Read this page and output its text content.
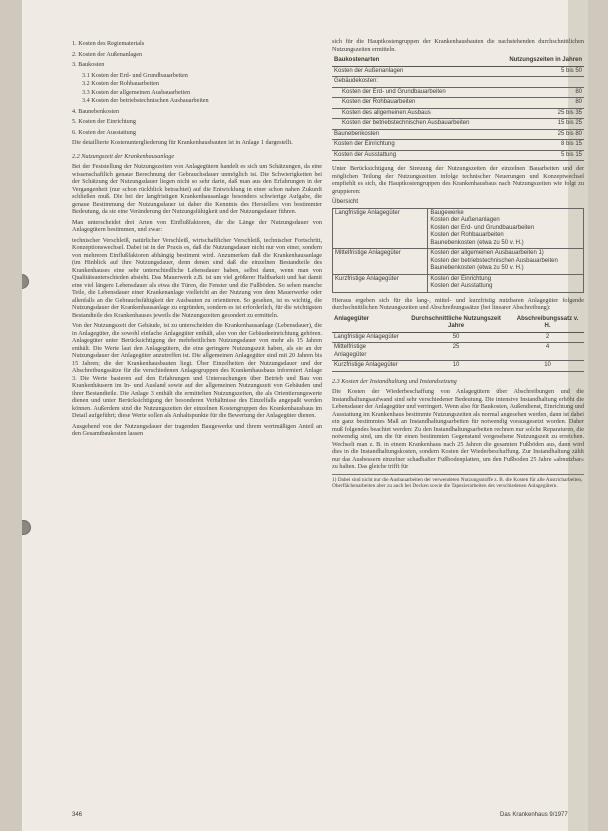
1. Kosten des Regiematerials
2. Kosten der Außenanlagen
3. Baukosten
3.1 Kosten der Erd- und Grundbauarbeiten
3.2 Kosten der Rohbauarbeiten
3.3 Kosten der allgemeinen Ausbauarbeiten
3.4 Kosten der betriebstechnischen Ausbauarbeiten
4. Baunebenkosten
5. Kosten der Einrichtung
6. Kosten der Ausstattung

Die detaillierte Kostenuntergliederung für Krankenhausbauten ist in Anlage 1 dargestellt.

2.2 Nutzungszeit der Krankenhausanlage

Bei der Feststellung der Nutzungszeiten von Anlagegütern handelt es sich um Schätzungen, da eine wissenschaftlich genaue Berechnung der Gebrauchsdauer unmöglich ist. Die Schwierigkeiten bei der Schätzung der Nutzungsdauer liegen nicht so sehr darin, daß man aus den Erfahrungen in der Vergangenheit (nur schon rückblick betrachtet) auf die Entwicklung in einer schon nahen Zukunft schließen muß. Die bei der langfristigen Krankenhausanlage besonders schwierige Aufgabe, die genaue Bestimmung der Nutzungsdauer ist daher die Kenntnis des Herstellers von bestimmter Bedeutung, da sie eine Veränderung der Nutzungsfähigkeit und der Nutzungsdauer führen.

Man unterscheidet drei Arten von Einflußfaktoren, die die Länge der Nutzungsdauer von Anlagegütern bestimmen, und zwar:

technischer Verschleiß, natürlicher Verschleiß, wirtschaftlicher Verschleiß, technischer Fortschritt, Konzeptionswechsel. Dabei ist in der Praxis es, daß die Nutzungsdauer nicht nur von einer, sondern von mehreren Einflußfaktoren abhängig bestimmt wird. Anzumerken daß die Krankenhausanlage (im Hinblick auf ihre Nutzungsdauer, denn denen sind daß die einzelnen Bestandteile des Krankenhauses eine sehr unterschiedliche Lebensdauer haben, selbst dann, wenn man von Qualitätsunterschieden absieht. Das Mauerwerk z.B. ist um viel größerer Haltbarkeit und hat damit eine viel längere Lebensdauer als etwa die Türen, die Fenster und die Fußböden. So sehen manche Teile, die Lebensdauer einer Krankenanlage vielleicht an der Nutzung von dem Mauerwerke oder allenfalls an die Gebrauchsfähigkeit der Ausbauten zu orientieren. So gesehen, ist es wichtig, die Nutzungsdauer der Krankenhausanlage zu ergründen, sondern es ist erforderlich, für die wichtigsten Bestandteile des Krankenhauses jeweils die Nutzungszeiten gesondert zu ermitteln.

Von der Nutzungszeit der Gebäude, ist zu unterscheiden die Krankenhausanlage (Lebensdauer), die in Anlagegüter, die sowohl einfache Anlagegüter enthält, also von der Gebäudeeinrichtung gehören. Anlagegüter unter Berücksichtigung der mehrheitlichen Nutzungsdauer von mehr als 15 Jahren enthält. Die Werte laut den Anlagegütern, die eine geringere Nutzungszeit haben, als sie an der Nutzungsdauer der Anlagegüter anzutreffen ist. Die allgemeinen Anlagegüter sind mit 20 Jahren bis 15 Jahren; die der Krankenhausbauten liegt. Über Einzelheiten der Nutzungsdauer und der Abschreibungssätze für die verschiedenen Anlagegruppen des Krankenhausbaus informiert Anlage 3. Die Werte basieren auf den Erfahrungen und Untersuchungen über Betrieb und Bau von Krankenhäusern im In- und Ausland sowie auf der allgemeinen Nutzungszeit von Gebäuden und ihrer Bestandteile. Die Anlage 3 enthält die ermittelten Nutzungszeiten, die als Orientierungswerte dienen und unter Berücksichtigung der besonderen Verhältnisse des Einzelfalls angepaßt werden können. Außerdem sind die Nutzungszeiten der einzelnen Kostengruppen des Krankenhausbaus im Detail aufgeführt; diese Werte sollen als Anhaltspunkte für die Bewertung der Anlagegüter dienen.

Ausgehend von der Nutzungsdauer der tragenden Baugewerke und ihrem wertmäßigen Anteil an den Gesamtbaukosten lassen

sich für die Hauptkostengruppen der Krankenhausbauten die nachstehenden durchschnittlichen Nutzungszeiten ermitteln.

Baukostenarten	Nutzungszeiten in Jahren
Kosten der Außenanlagen	5 bis 50
Gebäudekosten:	
Kosten der Erd- und Grundbauarbeiten	80
Kosten der Rohbauarbeiten	80
Kosten des allgemeinen Ausbaus	25 bis 35
Kosten der betriebstechnischen Ausbauarbeiten	15 bis 25
Baunebenkosten	25 bis 80
Kosten der Einrichtung	8 bis 15
Kosten der Ausstattung	5 bis 15

Unter Berücksichtigung der Streuung der Nutzungszeiten der einzelnen Bauarbeiten und der möglichen Teilung der Nutzungszeiten infolge technischer Neuerungen und Konzeptwechsel empfiehlt es sich, die Hauptkostengruppen des Krankenhausbaus nach Nutzungszeiten wie folgt zu gruppieren:

Übersicht
Langfristige Anlagegüter	Baugewerke
Kosten der Außenanlagen
Kosten der Erd- und Grundbauarbeiten
Kosten der Rohbauarbeiten
Baunebenkosten (etwa zu 50 v. H.)
Mittelfristige Anlagegüter	Kosten der allgemeinen Ausbauarbeiten 1)
Kosten der betriebstechnischen Ausbauarbeiten
Baunebenkosten (etwa zu 50 v. H.)
Kurzfristige Anlagegüter	Kosten der Einrichtung
Kosten der Ausstattung

Hieraus ergeben sich für die lang-, mittel- und kurzfristig nutzbaren Anlagegüter folgende durchschnittlichen Nutzungszeiten und Abschreibungssätze (bei linearer Abschreibung):

Anlagegüter	Durchschnittliche Nutzungszeit Jahre	Abschreibungssatz v. H.
Langfristige Anlagegüter	50	2
Mittelfristige Anlagegüter	25	4
Kurzfristige Anlagegüter	10	10
2.3 Kosten der Instandhaltung und Instandsetzung

Die Kosten der Wiederbeschaffung von Anlagegütern über Abschreibungen und die Instandhaltungsaufwand sind sehr verschiedener Bedeutung. Die intensive Instandhaltung erhöht die Lebensdauer der Anlagegüter und verringert. Wenn also für Baukosten, Außendienst, Einrichtung und Ausstattung im Krankenhaus bestimmte Nutzungszeiten als normal angesehen werden, dann ist dabei ein ganz bestimmtes Maß an Instandhaltungsarbeiten für notwendig vorausgesetzt worden. Daher muß folgendes beachtet werden: Zu den Instandhaltungsarbeiten rechnen nur solche Reparaturen, die notwendig sind, um die für einen bestimmten Gegenstand vorgesehene Nutzungszeit zu erreichen. Wechselt man z. B. in einem Krankenhaus nach 25 Jahren die gesamten Fußböden aus, dann wird dies in die Instandhaltungskosten, sondern Kosten der Wiederbeschaffung. Zur Instandhaltung zählt nur das Ausbessern einzelner schadhafter Fußbodenplatten, um den Fußboden 25 Jahre »abnutzbar« zu halten. Das gleiche trifft für

1) Dabei sind nicht nur die Ausbauarbeiten der verwendeten Nutzungsstoffe z. B. die Kosten für alle Anstricharbeiten, Oberflächenarbeiten aber zu auch bei Decken sowie die Tapezierarbeiten des verschiedenen Anlagegütern.
346	Das Krankenhaus 9/1977
